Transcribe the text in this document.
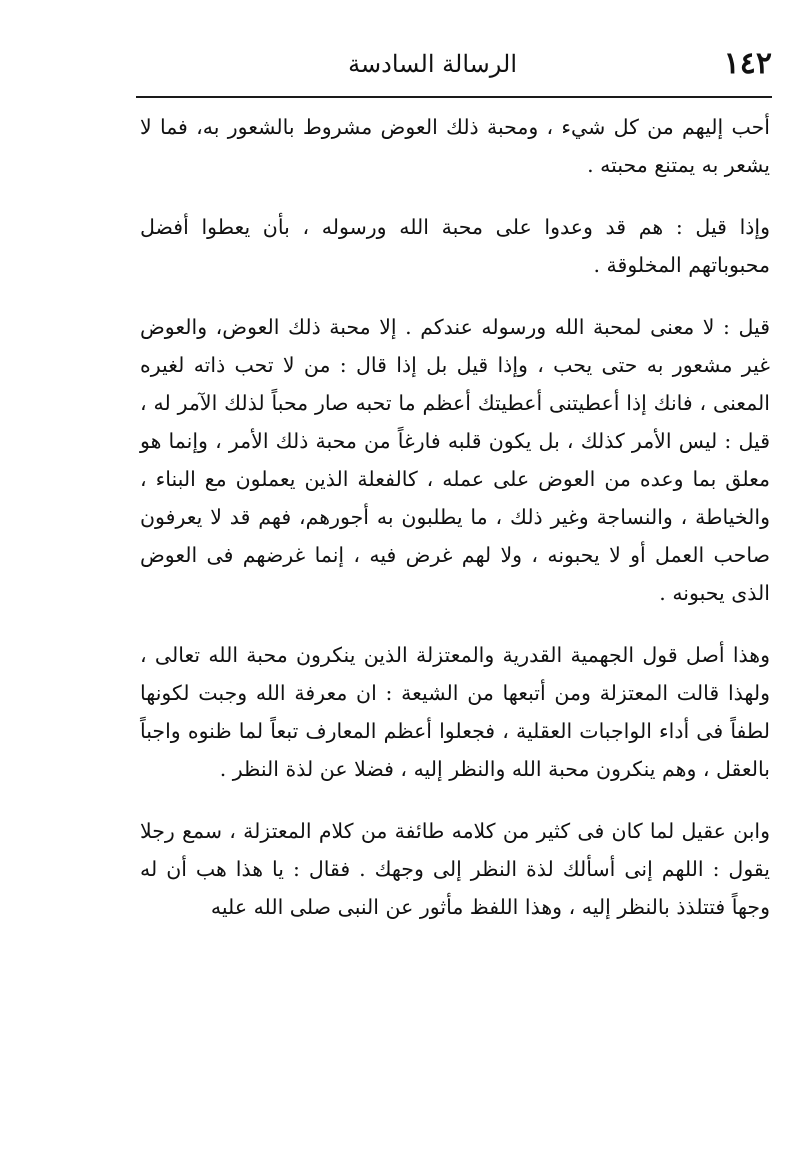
١٤٢
الرسالة السادسة

أحب إليهم من كل شيء ، ومحبة ذلك العوض مشروط بالشعور به، فما لا يشعر به يمتنع محبته .

وإذا قيل : هم قد وعدوا على محبة الله ورسوله ، بأن يعطوا أفضل محبوباتهم المخلوقة .

قيل : لا معنى لمحبة الله ورسوله عندكم . إلا محبة ذلك العوض، والعوض غير مشعور به حتى يحب ، وإذا قيل بل إذا قال : من لا تحب ذاته لغيره المعنى ، فانك إذا أعطيتنى أعطيتك أعظم ما تحبه صار محباً لذلك الآمر له ، قيل : ليس الأمر كذلك ، بل يكون قلبه فارغاً من محبة ذلك الأمر ، وإنما هو معلق بما وعده من العوض على عمله ، كالفعلة الذين يعملون مع البناء ، والخياطة ، والنساجة وغير ذلك ، ما يطلبون به أجورهم، فهم قد لا يعرفون صاحب العمل أو لا يحبونه ، ولا لهم غرض فيه ، إنما غرضهم فى العوض الذى يحبونه .

وهذا أصل قول الجهمية القدرية والمعتزلة الذين ينكرون محبة الله تعالى ، ولهذا قالت المعتزلة ومن أتبعها من الشيعة : ان معرفة الله وجبت لكونها لطفاً فى أداء الواجبات العقلية ، فجعلوا أعظم المعارف تبعاً لما ظنوه واجباً بالعقل ، وهم ينكرون محبة الله والنظر إليه ، فضلا عن لذة النظر .

وابن عقيل لما كان فى كثير من كلامه طائفة من كلام المعتزلة ، سمع رجلا يقول : اللهم إنى أسألك لذة النظر إلى وجهك . فقال : يا هذا هب أن له وجهاً فتتلذذ بالنظر إليه ، وهذا اللفظ مأثور عن النبى صلى الله عليه
